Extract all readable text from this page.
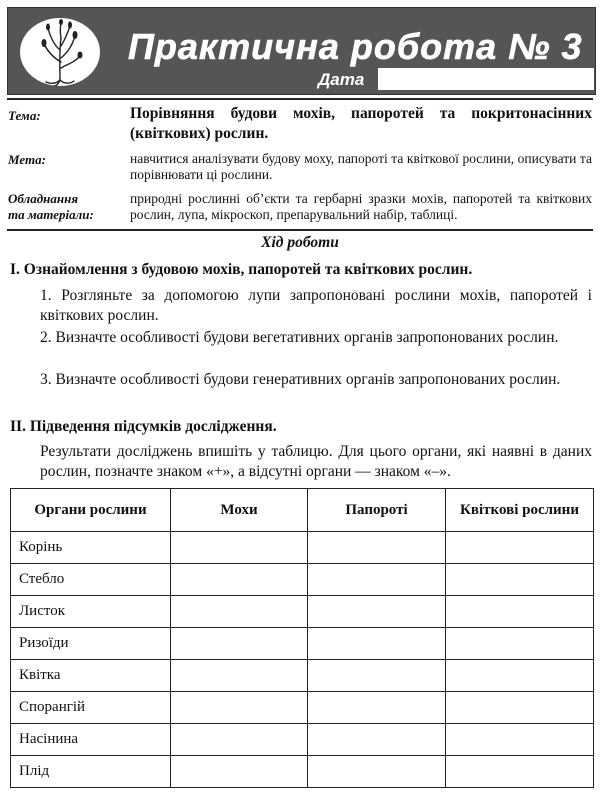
Практична робота № 3
Дата
Тема:	Порівняння будови мохів, папоротей та покритонасінних (квіткових) рослин.
Мета:	навчитися аналізувати будову моху, папороті та квіткової рослини, описувати та порівнювати ці рослини.
Обладнання
та матеріали:
природні рослинні об’єкти та гербарні зразки мохів, папоротей та квіткових рослин, лупа, мікроскоп, препарувальний набір, таблиці.
Хід роботи
I. Ознайомлення з будовою мохів, папоротей та квіткових рослин.
1. Розгляньте за допомогою лупи запропоновані рослини мохів, папоротей і квіткових рослин.
2. Визначте особливості будови вегетативних органів запропонованих рослин.
3. Визначте особливості будови генеративних органів запропонованих рослин.
II. Підведення підсумків дослідження.
Результати досліджень впишіть у таблицю. Для цього органи, які наявні в даних рослин, позначте знаком «+», а відсутні органи — знаком «–».
Органи рослини	Мохи	Папороті	Квіткові рослини
Корінь			
Стебло			
Листок			
Ризоїди			
Квітка			
Спорангій			
Насінина			
Плід			
